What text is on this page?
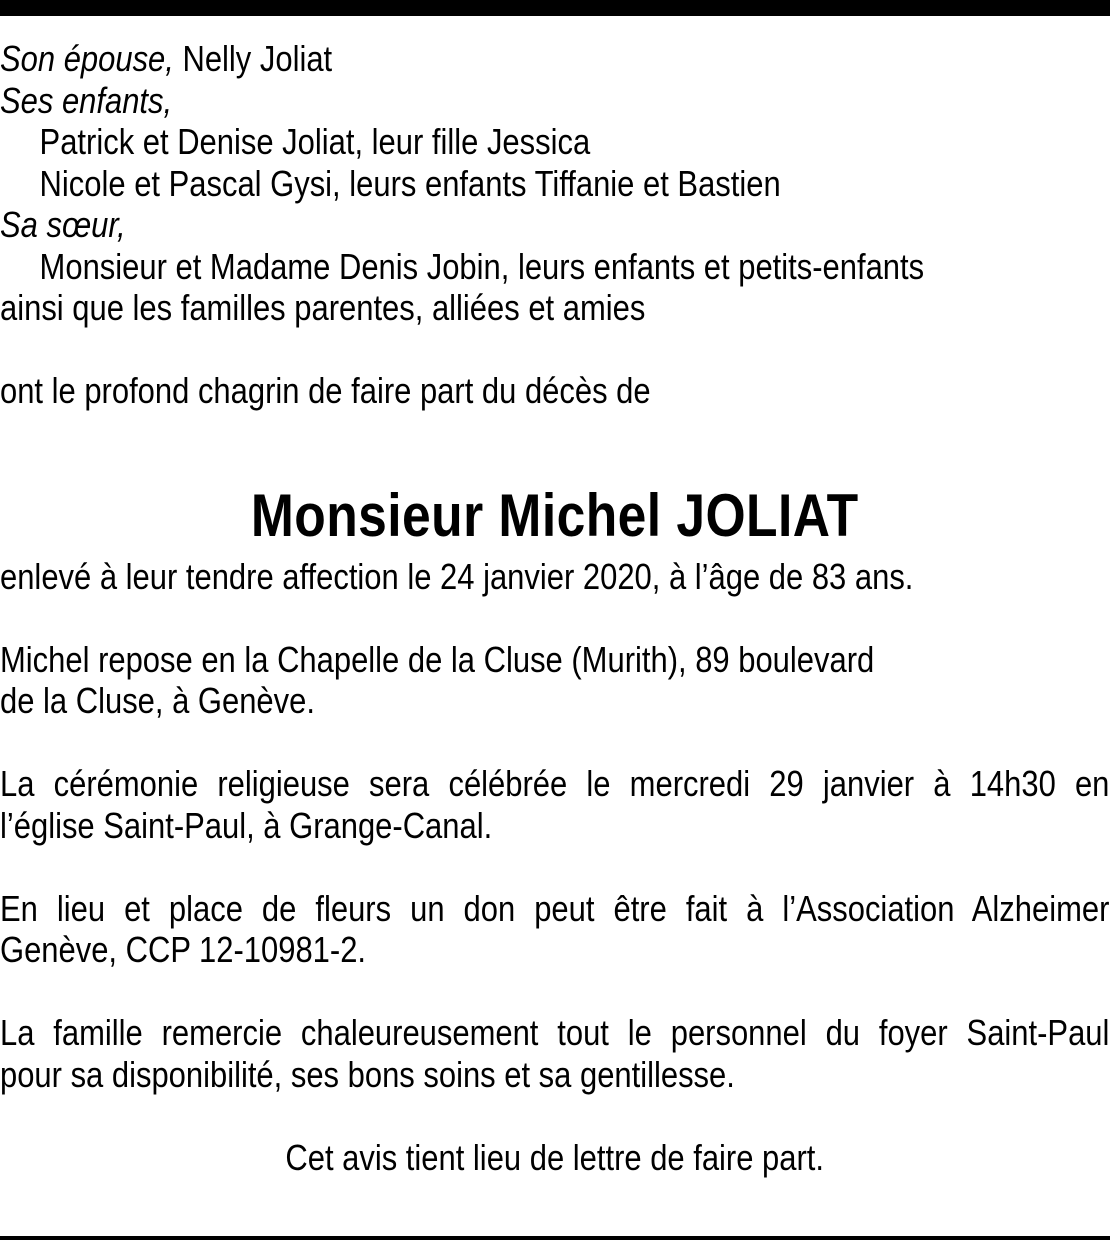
Son épouse, Nelly Joliat
Ses enfants,
Patrick et Denise Joliat, leur fille Jessica
Nicole et Pascal Gysi, leurs enfants Tiffanie et Bastien
Sa sœur,
Monsieur et Madame Denis Jobin, leurs enfants et petits-enfants
ainsi que les familles parentes, alliées et amies
ont le profond chagrin de faire part du décès de
Monsieur Michel JOLIAT
enlevé à leur tendre affection le 24 janvier 2020, à l’âge de 83 ans.
Michel repose en la Chapelle de la Cluse (Murith), 89 boulevard
de la Cluse, à Genève.
La cérémonie religieuse sera célébrée le mercredi 29 janvier à 14h30 en
l’église Saint-Paul, à Grange-Canal.
En lieu et place de fleurs un don peut être fait à l’Association Alzheimer
Genève, CCP 12-10981-2.
La famille remercie chaleureusement tout le personnel du foyer Saint-Paul
pour sa disponibilité, ses bons soins et sa gentillesse.
Cet avis tient lieu de lettre de faire part.
